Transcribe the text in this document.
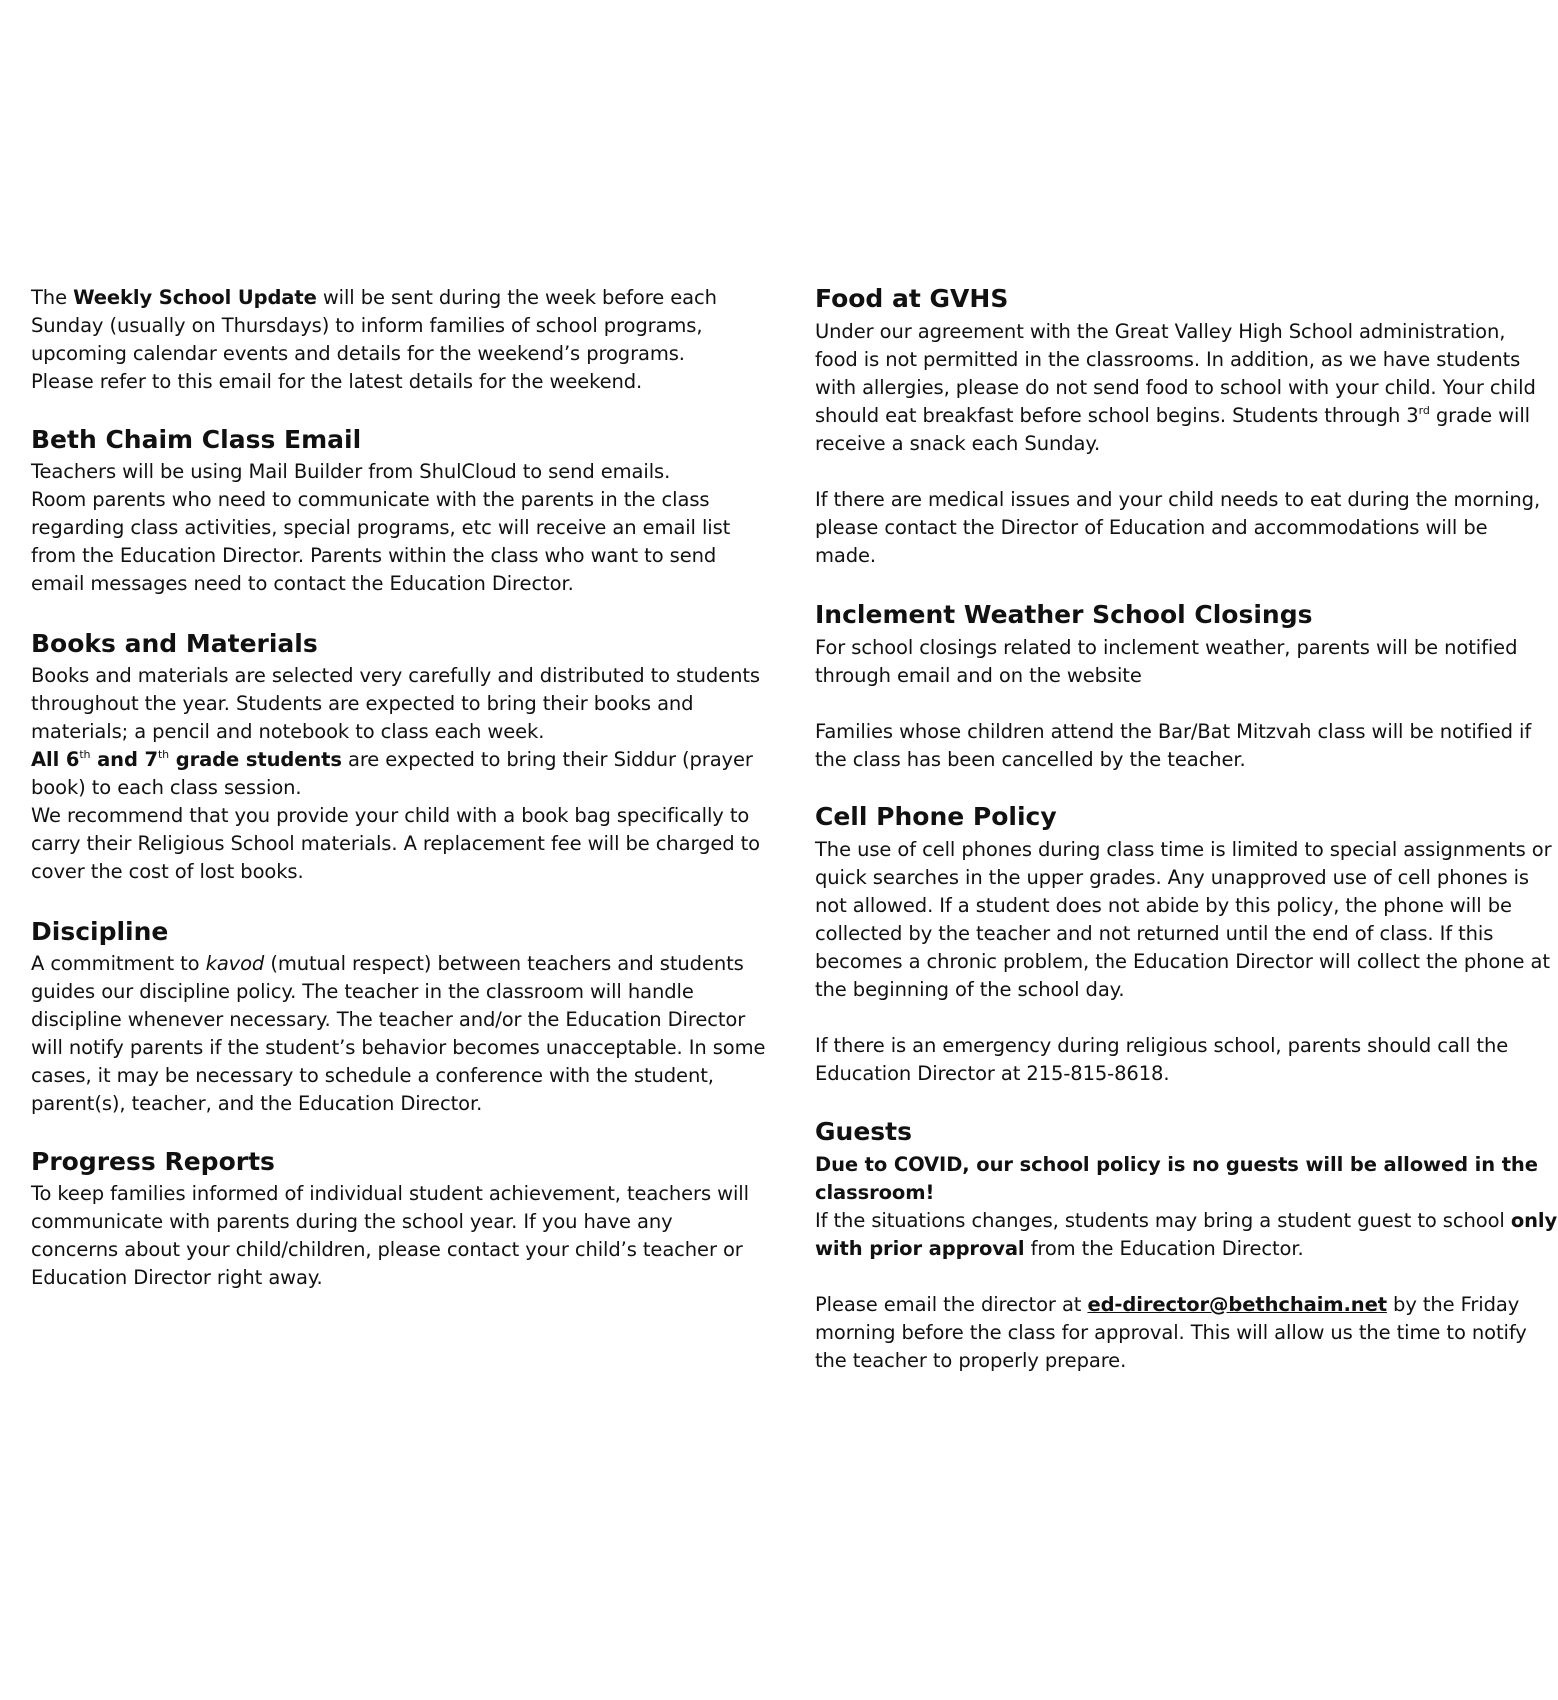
The Weekly School Update will be sent during the week before each

Sunday (usually on Thursdays) to inform families of school programs,

upcoming calendar events and details for the weekend’s programs.

Please refer to this email for the latest details for the weekend.

Beth Chaim Class Email

Teachers will be using Mail Builder from ShulCloud to send emails.

Room parents who need to communicate with the parents in the class

regarding class activities, special programs, etc will receive an email list

from the Education Director. Parents within the class who want to send

email messages need to contact the Education Director.

Books and Materials

Books and materials are selected very carefully and distributed to students

throughout the year. Students are expected to bring their books and

materials; a pencil and notebook to class each week.

All 6th and 7th grade students are expected to bring their Siddur (prayer

book) to each class session.

We recommend that you provide your child with a book bag specifically to

carry their Religious School materials. A replacement fee will be charged to

cover the cost of lost books.

Discipline

A commitment to kavod (mutual respect) between teachers and students

guides our discipline policy. The teacher in the classroom will handle

discipline whenever necessary. The teacher and/or the Education Director

will notify parents if the student’s behavior becomes unacceptable. In some

cases, it may be necessary to schedule a conference with the student,

parent(s), teacher, and the Education Director.

Progress Reports

To keep families informed of individual student achievement, teachers will

communicate with parents during the school year. If you have any

concerns about your child/children, please contact your child’s teacher or

Education Director right away.

Food at GVHS

Under our agreement with the Great Valley High School administration,

food is not permitted in the classrooms. In addition, as we have students

with allergies, please do not send food to school with your child. Your child

should eat breakfast before school begins. Students through 3rd grade will

receive a snack each Sunday.

If there are medical issues and your child needs to eat during the morning,

please contact the Director of Education and accommodations will be

made.

Inclement Weather School Closings

For school closings related to inclement weather, parents will be notified

through email and on the website

Families whose children attend the Bar/Bat Mitzvah class will be notified if

the class has been cancelled by the teacher.

Cell Phone Policy

The use of cell phones during class time is limited to special assignments or

quick searches in the upper grades. Any unapproved use of cell phones is

not allowed. If a student does not abide by this policy, the phone will be

collected by the teacher and not returned until the end of class. If this

becomes a chronic problem, the Education Director will collect the phone at

the beginning of the school day.

If there is an emergency during religious school, parents should call the

Education Director at 215-815-8618.

Guests

Due to COVID, our school policy is no guests will be allowed in the

classroom!

If the situations changes, students may bring a student guest to school only

with prior approval from the Education Director.

Please email the director at ed-director@bethchaim.net by the Friday

morning before the class for approval. This will allow us the time to notify

the teacher to properly prepare.
